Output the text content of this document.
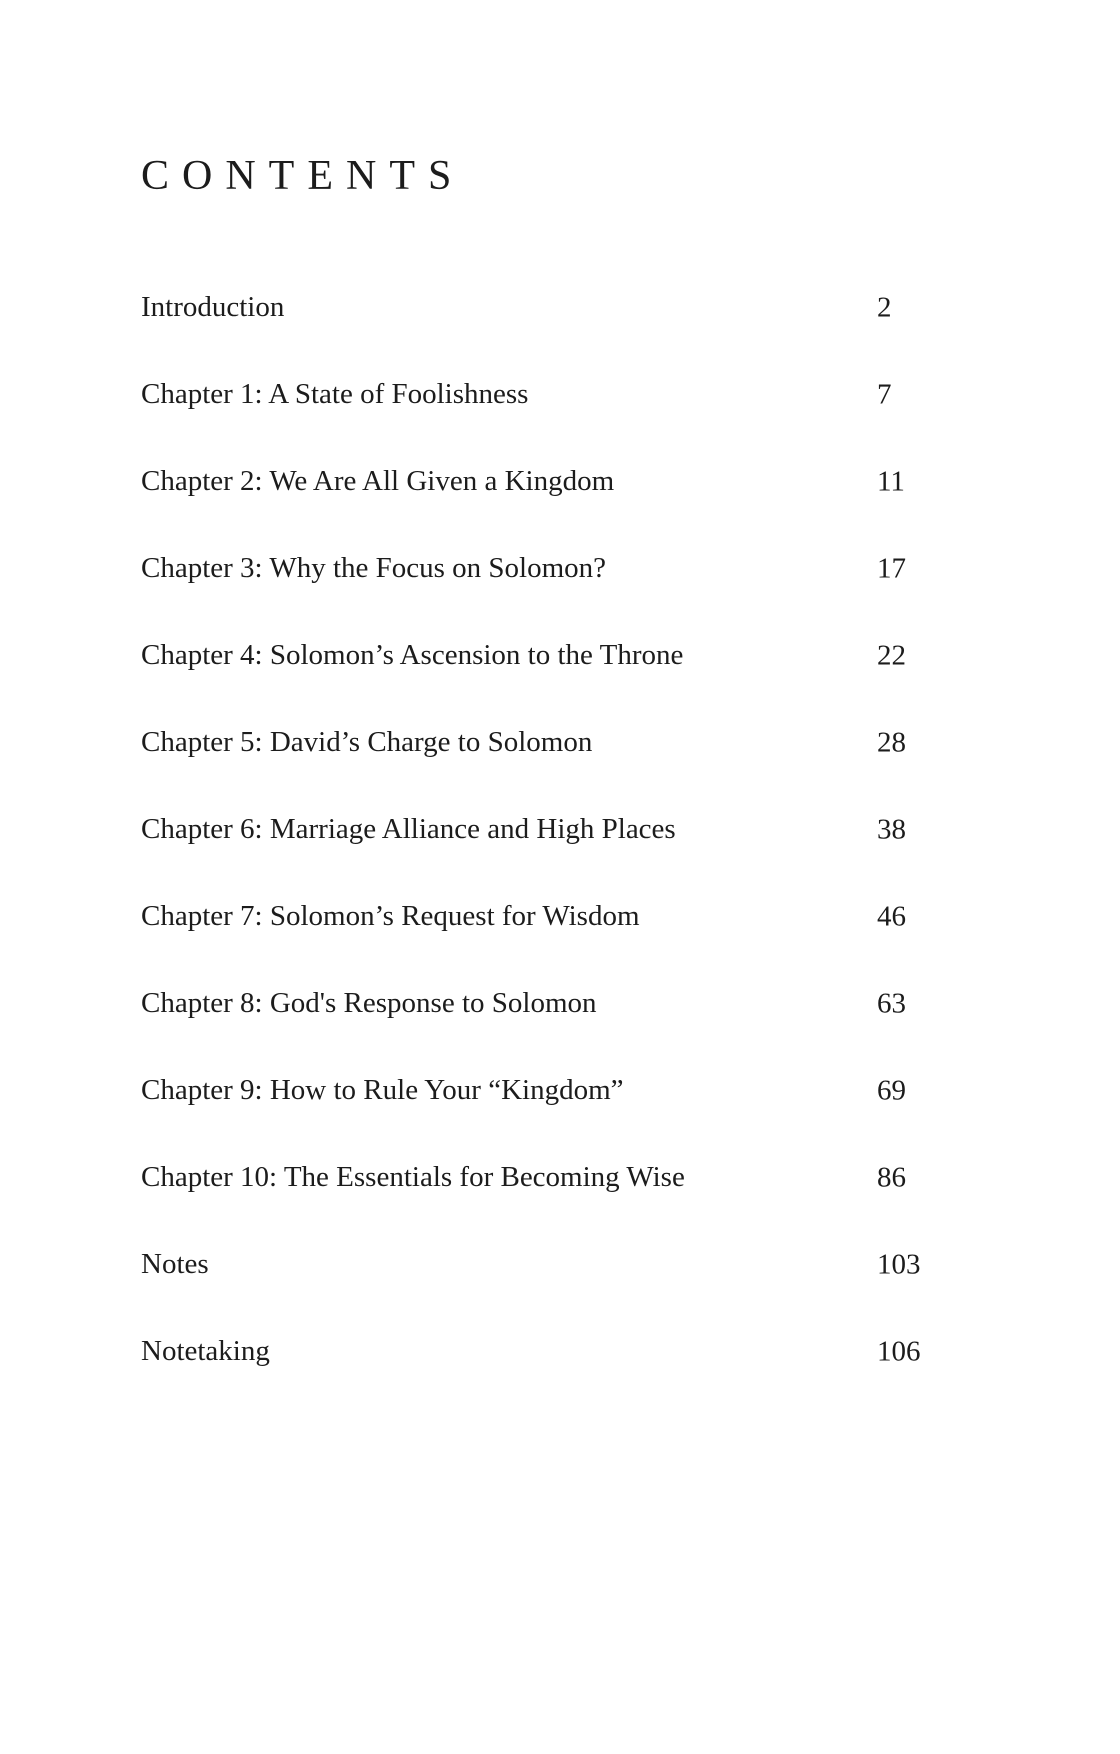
CONTENTS
Introduction	2
Chapter 1: A State of Foolishness	7
Chapter 2: We Are All Given a Kingdom	11
Chapter 3: Why the Focus on Solomon?	17
Chapter 4: Solomon’s Ascension to the Throne	22
Chapter 5: David’s Charge to Solomon	28
Chapter 6: Marriage Alliance and High Places	38
Chapter 7: Solomon’s Request for Wisdom	46
Chapter 8: God's Response to Solomon	63
Chapter 9: How to Rule Your “Kingdom”	69
Chapter 10: The Essentials for Becoming Wise	86
Notes	103
Notetaking	106
